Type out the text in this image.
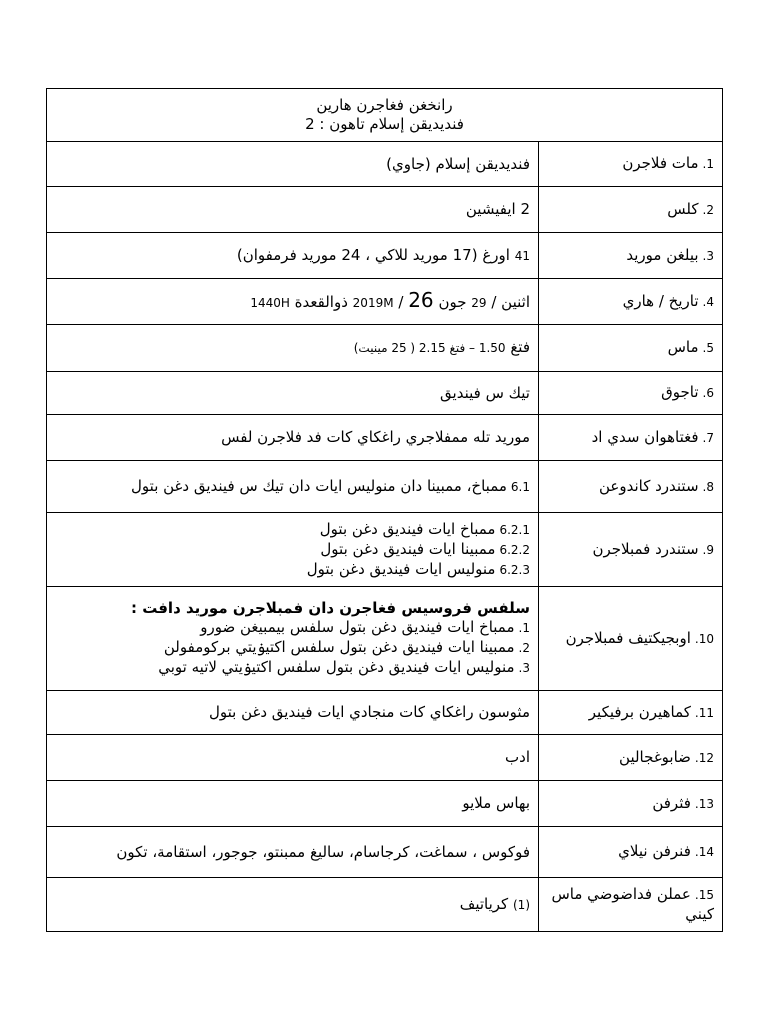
رانخغن فغاجرن هارين
فنديديقن إسلام تاهون : 2	

1.مات فلاجرن	فنديديقن إسلام (جاوي)
2.كلس	2 ايفيشين
3.بيلغن موريد	41 اورغ (17 موريد للاكي ، 24 موريد فرمفوان)
4.تاريخ / هاري	اثنين / 29 جون 2019M / 26 ذوالقعدة 1440H
5.ماس	فتغ 1.50 – فتغ 2.15 ( 25 مينيت)
6.تاجوق	تيك س فينديق
7.فغتاهوان سدي اد	موريد تله ممفلاجري راغكاي كات فد فلاجرن لفس
8.ستندرد كاندوعن	6.1ممباخ، ممبينا دان منوليس ايات دان تيك س فينديق دغن بتول
9.ستندرد فمبلاجرن	6.2.1ممباخ ايات فينديق دغن بتول
6.2.2ممبينا ايات فينديق دغن بتول
6.2.3منوليس ايات فينديق دغن بتول

10.اوبجيكتيف فمبلاجرن	سلفس فروسيس فغاجرن دان فمبلاجرن موريد دافت :
1.ممباخ ايات فينديق دغن بتول سلفس بيمبيغن ضورو
2.ممبينا ايات فينديق دغن بتول سلفس اكتيۏيتي بركومفولن
3.منوليس ايات فينديق دغن بتول سلفس اكتيۏيتي لاتيه توبي

11.كماهيرن برفيكير	مثوسون راغكاي كات منجادي ايات فينديق دغن بتول
12.ضابوغجالين	ادب
13.فثرفن	بهاس ملايو
14.فنرفن نيلاي	فوكوس ، سماغت، كرجاسام، ساليغ ممبنتو، جوجور، استقامة، تكون
15.عملن فداضوضي ماس كيني	(1) كرياتيف
